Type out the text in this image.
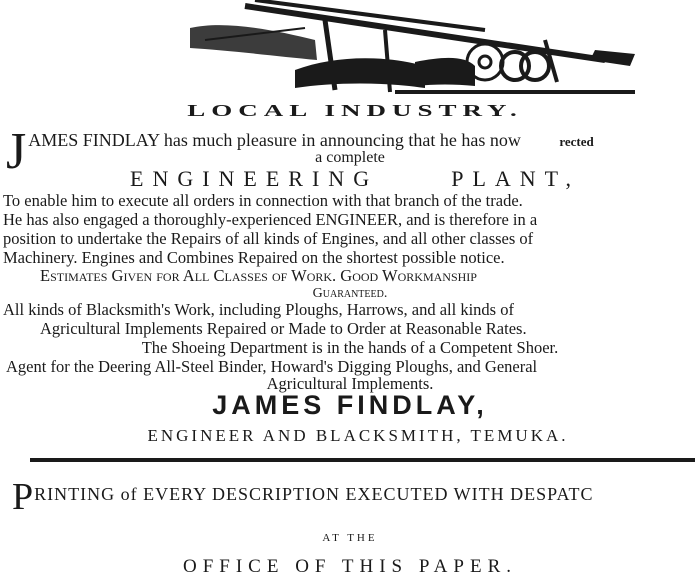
LOCAL INDUSTRY.
J AMES FINDLAY has much pleasure in announcing that he has now	rected
a complete
ENGINEERING	PLANT,
To enable him to execute all orders in connection with that branch of the trade.
He has also engaged a thoroughly-experienced ENGINEER, and is therefore in a
position to undertake the Repairs of all kinds of Engines, and all other classes of
Machinery. Engines and Combines Repaired on the shortest possible notice.
Estimates Given for All Classes of Work. Good Workmanship
Guaranteed.
All kinds of Blacksmith's Work, including Ploughs, Harrows, and all kinds of
Agricultural Implements Repaired or Made to Order at Reasonable Rates.
The Shoeing Department is in the hands of a Competent Shoer.
Agent for the Deering All-Steel Binder, Howard's Digging Ploughs, and General
Agricultural Implements.
JAMES FINDLAY,
ENGINEER AND BLACKSMITH, TEMUKA.
PRINTING of EVERY DESCRIPTION EXECUTED WITH DESPATC
AT THE
OFFICE OF THIS PAPER.
